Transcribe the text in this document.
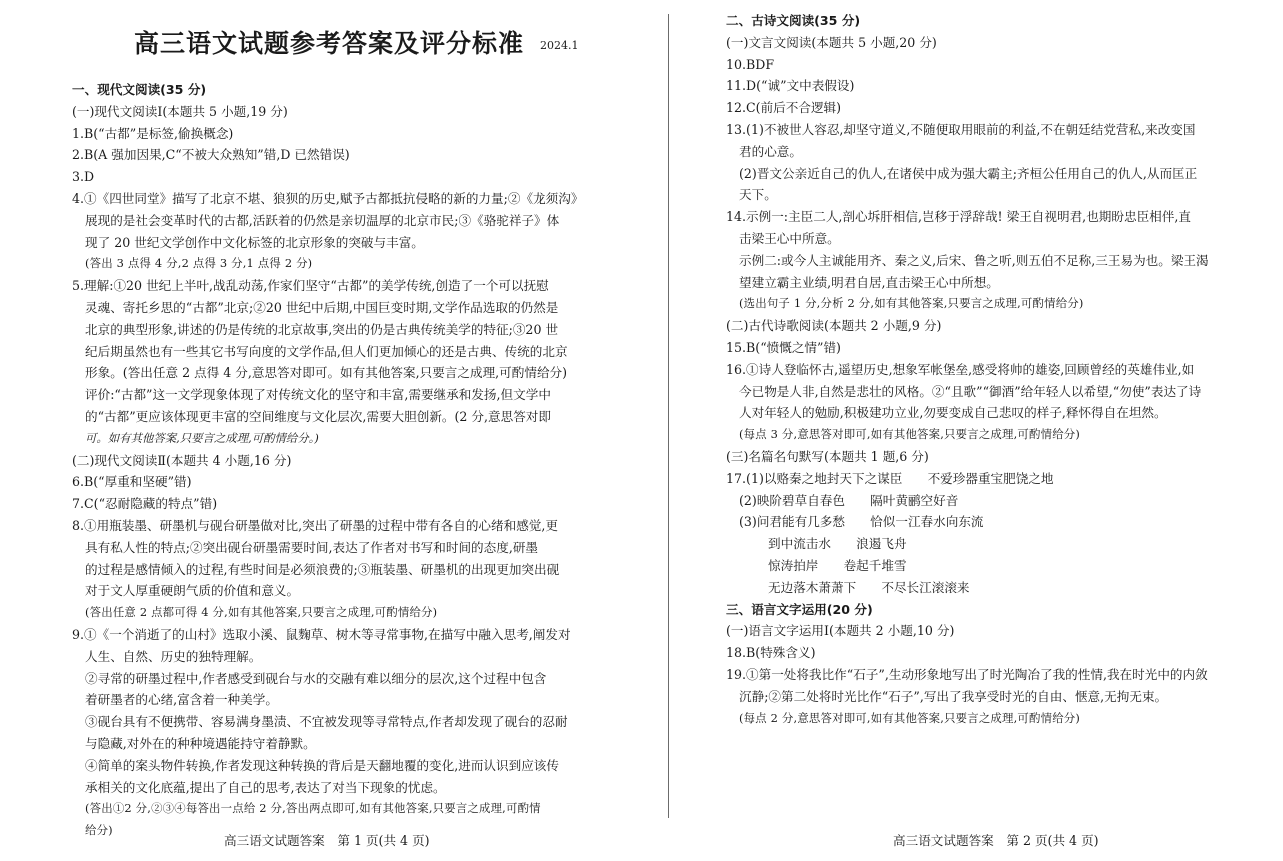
高三语文试题参考答案及评分标准 2024.1
一、现代文阅读(35 分)
(一)现代文阅读Ⅰ(本题共 5 小题,19 分)
1.B(“古都”是标签,偷换概念)
2.B(A 强加因果,C“不被大众熟知”错,D 已然错误)
3.D
4.①《四世同堂》描写了北京不堪、狼狈的历史,赋予古都抵抗侵略的新的力量;②《龙须沟》
展现的是社会变革时代的古都,活跃着的仍然是亲切温厚的北京市民;③《骆驼祥子》体
现了 20 世纪文学创作中文化标签的北京形象的突破与丰富。
(答出 3 点得 4 分,2 点得 3 分,1 点得 2 分)
5.理解:①20 世纪上半叶,战乱动荡,作家们坚守“古都”的美学传统,创造了一个可以抚慰
灵魂、寄托乡思的“古都”北京;②20 世纪中后期,中国巨变时期,文学作品选取的仍然是
北京的典型形象,讲述的仍是传统的北京故事,突出的仍是古典传统美学的特征;③20 世
纪后期虽然也有一些其它书写向度的文学作品,但人们更加倾心的还是古典、传统的北京
形象。(答出任意 2 点得 4 分,意思答对即可。如有其他答案,只要言之成理,可酌情给分)
评价:“古都”这一文学现象体现了对传统文化的坚守和丰富,需要继承和发扬,但文学中
的“古都”更应该体现更丰富的空间维度与文化层次,需要大胆创新。(2 分,意思答对即
可。如有其他答案,只要言之成理,可酌情给分。)
(二)现代文阅读Ⅱ(本题共 4 小题,16 分)
6.B(“厚重和坚硬”错)
7.C(“忍耐隐藏的特点”错)
8.①用瓶装墨、研墨机与砚台研墨做对比,突出了研墨的过程中带有各自的心绪和感觉,更
具有私人性的特点;②突出砚台研墨需要时间,表达了作者对书写和时间的态度,研墨
的过程是感情倾入的过程,有些时间是必须浪费的;③瓶装墨、研墨机的出现更加突出砚
对于文人厚重硬朗气质的价值和意义。
(答出任意 2 点都可得 4 分,如有其他答案,只要言之成理,可酌情给分)
9.①《一个消逝了的山村》选取小溪、鼠麴草、树木等寻常事物,在描写中融入思考,阐发对
人生、自然、历史的独特理解。
②寻常的研墨过程中,作者感受到砚台与水的交融有难以细分的层次,这个过程中包含
着研墨者的心绪,富含着一种美学。
③砚台具有不便携带、容易满身墨渍、不宜被发现等寻常特点,作者却发现了砚台的忍耐
与隐藏,对外在的种种境遇能持守着静默。
④简单的案头物件转换,作者发现这种转换的背后是天翻地覆的变化,进而认识到应该传
承相关的文化底蕴,提出了自己的思考,表达了对当下现象的忧虑。
(答出①2 分,②③④每答出一点给 2 分,答出两点即可,如有其他答案,只要言之成理,可酌情
给分)
高三语文试题答案　第 1 页(共 4 页)
二、古诗文阅读(35 分)
(一)文言文阅读(本题共 5 小题,20 分)
10.BDF
11.D(“诚”文中表假设)
12.C(前后不合逻辑)
13.(1)不被世人容忍,却坚守道义,不随便取用眼前的利益,不在朝廷结党营私,来改变国
君的心意。
(2)晋文公亲近自己的仇人,在诸侯中成为强大霸主;齐桓公任用自己的仇人,从而匡正
天下。
14.示例一:主臣二人,剖心坼肝相信,岂移于浮辞哉! 梁王自视明君,也期盼忠臣相伴,直
击梁王心中所意。
示例二:或今人主诚能用齐、秦之义,后宋、鲁之听,则五伯不足称,三王易为也。梁王渴
望建立霸主业绩,明君自居,直击梁王心中所想。
(选出句子 1 分,分析 2 分,如有其他答案,只要言之成理,可酌情给分)
(二)古代诗歌阅读(本题共 2 小题,9 分)
15.B(“愤慨之情”错)
16.①诗人登临怀古,遥望历史,想象军帐堡垒,感受将帅的雄姿,回顾曾经的英雄伟业,如
今已物是人非,自然是悲壮的风格。②“且歌”“御酒”给年轻人以希望,“勿使”表达了诗
人对年轻人的勉励,积极建功立业,勿要变成自己悲叹的样子,释怀得自在坦然。
(每点 3 分,意思答对即可,如有其他答案,只要言之成理,可酌情给分)
(三)名篇名句默写(本题共 1 题,6 分)
17.(1)以赂秦之地封天下之谋臣　　不爱珍器重宝肥饶之地
(2)映阶碧草自春色　　隔叶黄鹂空好音
(3)问君能有几多愁　　恰似一江春水向东流
到中流击水　　浪遏飞舟
惊涛拍岸　　卷起千堆雪
无边落木萧萧下　　不尽长江滚滚来
三、语言文字运用(20 分)
(一)语言文字运用Ⅰ(本题共 2 小题,10 分)
18.B(特殊含义)
19.①第一处将我比作“石子”,生动形象地写出了时光陶冶了我的性情,我在时光中的内敛
沉静;②第二处将时光比作“石子”,写出了我享受时光的自由、惬意,无拘无束。
(每点 2 分,意思答对即可,如有其他答案,只要言之成理,可酌情给分)
高三语文试题答案　第 2 页(共 4 页)
